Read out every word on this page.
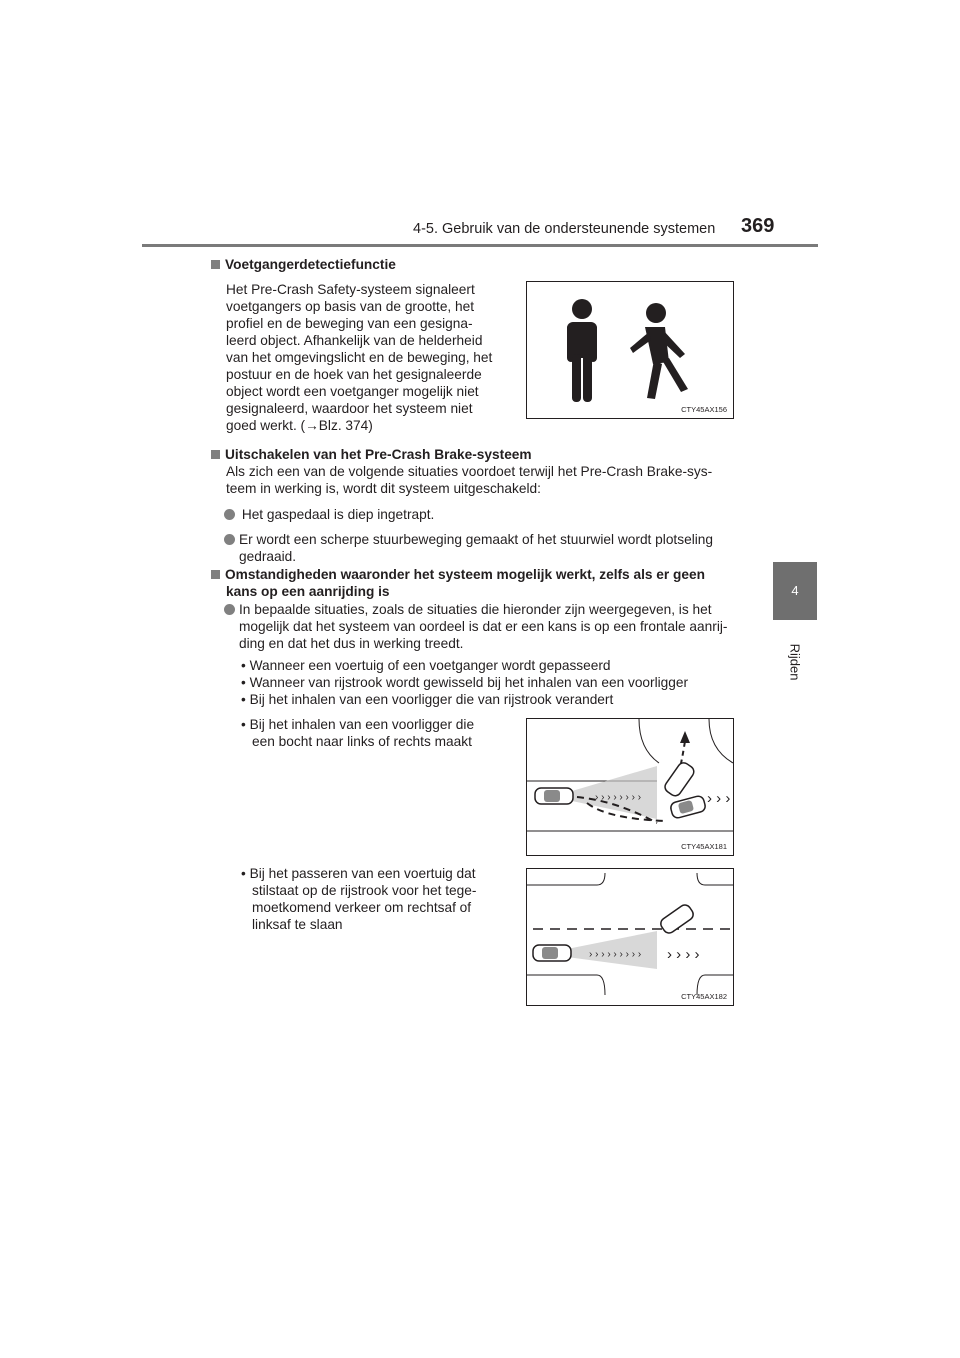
4-5. Gebruik van de ondersteunende systemen 369
4
Rijden
Voetgangerdetectiefunctie
Het Pre-Crash Safety-systeem signaleert
voetgangers op basis van de grootte, het
profiel en de beweging van een gesigna-
leerd object. Afhankelijk van de helderheid
van het omgevingslicht en de beweging, het
postuur en de hoek van het gesignaleerde
object wordt een voetganger mogelijk niet
gesignaleerd, waardoor het systeem niet
goed werkt. (→Blz. 374)
CTY45AX156
Uitschakelen van het Pre-Crash Brake-systeem
Als zich een van de volgende situaties voordoet terwijl het Pre-Crash Brake-sys-
teem in werking is, wordt dit systeem uitgeschakeld:
Het gaspedaal is diep ingetrapt.
Er wordt een scherpe stuurbeweging gemaakt of het stuurwiel wordt plotseling
gedraaid.
Omstandigheden waaronder het systeem mogelijk werkt, zelfs als er geen
kans op een aanrijding is
In bepaalde situaties, zoals de situaties die hieronder zijn weergegeven, is het
mogelijk dat het systeem van oordeel is dat er een kans is op een frontale aanrij-
ding en dat het dus in werking treedt.
• Wanneer een voertuig of een voetganger wordt gepasseerd
• Wanneer van rijstrook wordt gewisseld bij het inhalen van een voorligger
• Bij het inhalen van een voorligger die van rijstrook verandert
• Bij het inhalen van een voorligger die
een bocht naar links of rechts maakt
› › › › › › › ›	› › ›
CTY45AX181
• Bij het passeren van een voertuig dat
stilstaat op de rijstrook voor het tege-
moetkomend verkeer om rechtsaf of
linksaf te slaan
› › › › › › › › › › › › ›
CTY45AX182
